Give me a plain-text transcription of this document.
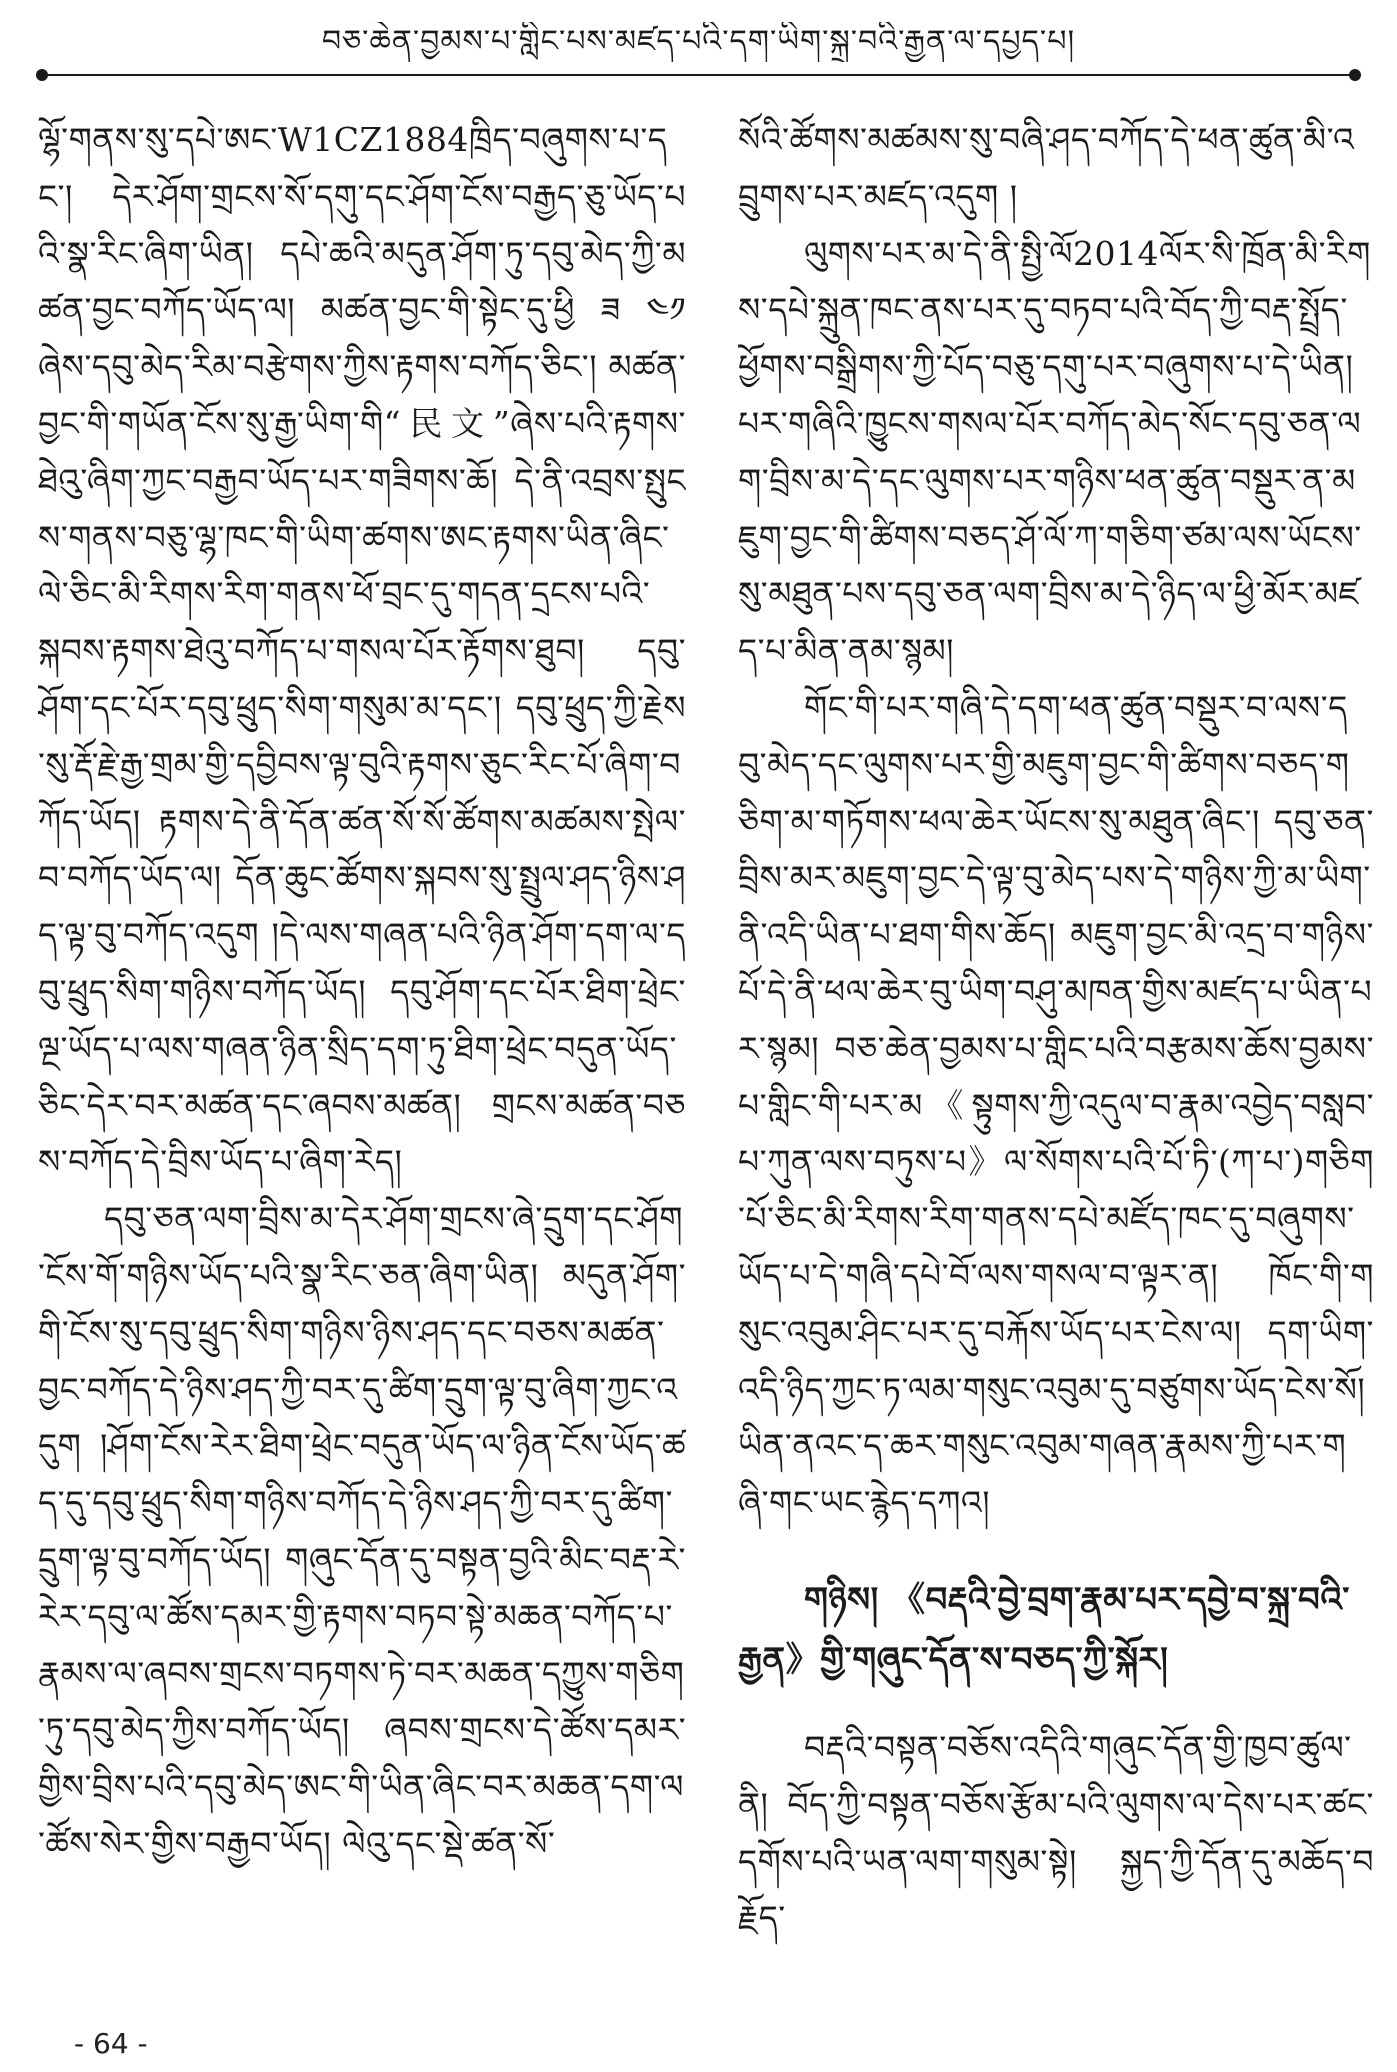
བཅ་ཆེན་བྱམས་པ་གླིང་པས་མཛད་པའི་དག་ཡིག་སྐྲ་བའི་རྒྱན་ལ་དཔྱད་པ།

ལྷོ་གནས་སུ་དཔེ་ཨང་W1CZ1884ཁྲིད་བཞུགས་པ་དང་། དེར་ཤོག་གྲངས་སོ་དགུ་དང་ཤོག་ངོས་བརྒྱད་ཅུ་ཡོད་པའི་སྣ་རིང་ཞིག་ཡིན། དཔེ་ཆའི་མདུན་ཤོག་ཏུ་དབུ་མེད་ཀྱི་མཚན་བྱང་བཀོད་ཡོད་ལ། མཚན་བྱང་གི་སྟེང་དུ་ཕྱི ཟ ༤༡ཞེས་དབུ་མེད་རིམ་བརྩེགས་ཀྱིས་རྟགས་བཀོད་ཅིང་། མཚན་བྱང་གི་གཡོན་ངོས་སུ་རྒྱ་ཡིག་གི“民文”ཞེས་པའི་རྟགས་ཐེའུ་ཞིག་ཀྱང་བརྒྱབ་ཡོད་པར་གཟིགས་ཆོ། དེ་ནི་འབྲས་སྤུངས་གནས་བཅུ་ལྷ་ཁང་གི་ཡིག་ཚགས་ཨང་རྟགས་ཡིན་ཞིང་ལེ་ཅིང་མི་རིགས་རིག་གནས་ཕོ་བྲང་དུ་གདན་དྲངས་པའི་སྐབས་རྟགས་ཐེའུ་བཀོད་པ་གསལ་པོར་རྟོགས་ཐུབ། དབུ་ཤོག་དང་པོར་དབུ་ཕྲུད་སིག་གསུམ་མ་དང་། དབུ་ཕྲུད་ཀྱི་རྗེས་སུ་རྡོ་རྗེ་རྒྱ་གྲམ་གྱི་དབྱིབས་ལྟ་བུའི་རྟགས་ཅུང་རིང་པོ་ཞིག་བཀོད་ཡོད། རྟགས་དེ་ནི་དོན་ཚན་སོ་སོ་ཚོགས་མཚམས་སྤེལ་བ་བཀོད་ཡོད་ལ། དོན་ཆུང་ཚོགས་སྐབས་སུ་སྤྲུལ་ཤད་ཉིས་ཤད་ལྟ་བུ་བཀོད་འདུག །དེ་ལས་གཞན་པའི་ཉིན་ཤོག་དག་ལ་དབུ་ཕྲུད་སིག་གཉིས་བཀོད་ཡོད། དབུ་ཤོག་དང་པོར་ཐིག་ཕྲེང་ལྔ་ཡོད་པ་ལས་གཞན་ཉིན་སྲིད་དག་ཏུ་ཐིག་ཕྲེང་བདུན་ཡོད་ཅིང་དེར་བར་མཚན་དང་ཞབས་མཚན། གྲངས་མཚན་བཅས་བཀོད་དེ་བྲིས་ཡོད་པ་ཞིག་རེད།

དབུ་ཅན་ལག་བྲིས་མ་དེར་ཤོག་གྲངས་ཞེ་དྲུག་དང་ཤོག་ངོས་གོ་གཉིས་ཡོད་པའི་སྣ་རིང་ཅན་ཞིག་ཡིན། མདུན་ཤོག་གི་ངོས་སུ་དབུ་ཕྲུད་སིག་གཉིས་ཉིས་ཤད་དང་བཅས་མཚན་བྱང་བཀོད་དེ་ཉིས་ཤད་ཀྱི་བར་དུ་ཚིག་དྲུག་ལྟ་བུ་ཞིག་ཀྱང་འདུག །ཤོག་ངོས་རེར་ཐིག་ཕྲེང་བདུན་ཡོད་ལ་ཉིན་ངོས་ཡོད་ཚད་དུ་དབུ་ཕྲུད་སིག་གཉིས་བཀོད་དེ་ཉིས་ཤད་ཀྱི་བར་དུ་ཚིག་དྲུག་ལྟ་བུ་བཀོད་ཡོད། གཞུང་དོན་དུ་བསྟན་བྱའི་མིང་བརྡ་རེ་རེར་དབུ་ལ་ཚོས་དམར་གྱི་རྟགས་བཏབ་སྟེ་མཆན་བཀོད་པ་རྣམས་ལ་ཞབས་གྲངས་བཏགས་ཏེ་བར་མཆན་དཀྱུས་གཅིག་ཏུ་དབུ་མེད་ཀྱིས་བཀོད་ཡོད། ཞབས་གྲངས་དེ་ཚོས་དམར་གྱིས་བྲིས་པའི་དབུ་མེད་ཨང་གི་ཡིན་ཞིང་བར་མཆན་དག་ལ་ཚོས་སེར་གྱིས་བརྒྱབ་ཡོད། ལེའུ་དང་སྡེ་ཚན་སོ་

སོའི་ཚོགས་མཚམས་སུ་བཞི་ཤད་བཀོད་དེ་ཕན་ཚུན་མི་འབྲུགས་པར་མཛད་འདུག །

ལུགས་པར་མ་དེ་ནི་སྤྱི་ལོ2014ལོར་སི་ཁྲོན་མི་རིགས་དཔེ་སྐྲུན་ཁང་ནས་པར་དུ་བཏབ་པའི་བོད་ཀྱི་བརྡ་སྤྲོད་ཕྱོགས་བསྒྲིགས་ཀྱི་པོད་བཅུ་དགུ་པར་བཞུགས་པ་དེ་ཡིན། པར་གཞིའི་ཁྱུངས་གསལ་པོར་བཀོད་མེད་སོང་དབུ་ཅན་ལག་བྲིས་མ་དེ་དང་ལུགས་པར་གཉིས་ཕན་ཚུན་བསྡུར་ན་མཇུག་བྱང་གི་ཚིགས་བཅད་ཤོ་ལོ་ཀ་གཅིག་ཙམ་ལས་ཡོངས་སུ་མཐུན་པས་དབུ་ཅན་ལག་བྲིས་མ་དེ་ཉིད་ལ་ཕྱི་མོར་མཛད་པ་མིན་ནམ་སྙམ།

གོང་གི་པར་གཞི་དེ་དག་ཕན་ཚུན་བསྡུར་བ་ལས་དབུ་མེད་དང་ལུགས་པར་གྱི་མཇུག་བྱང་གི་ཚིགས་བཅད་གཅིག་མ་གཏོགས་ཕལ་ཆེར་ཡོངས་སུ་མཐུན་ཞིང་། དབུ་ཅན་བྲིས་མར་མཇུག་བྱང་དེ་ལྟ་བུ་མེད་པས་དེ་གཉིས་ཀྱི་མ་ཡིག་ནི་འདི་ཡིན་པ་ཐག་གིས་ཆོད། མཇུག་བྱང་མི་འདྲ་བ་གཉིས་པོ་དེ་ནི་ཕལ་ཆེར་བུ་ཡིག་བཤུ་མཁན་གྱིས་མཛད་པ་ཡིན་པར་སྙམ། བཅ་ཆེན་བྱམས་པ་གླིང་པའི་བརྩམས་ཆོས་བྱམས་པ་གླིང་གི་པར་མ《སྟུགས་ཀྱི་འདུལ་བ་རྣམ་འབྱེད་བསླབ་པ་ཀུན་ལས་བཏུས་པ》ལ་སོགས་པའི་པོ་ཏི་(ཀ་པ་)གཅིག་པོ་ཅིང་མི་རིགས་རིག་གནས་དཔེ་མཛོད་ཁང་དུ་བཞུགས་ཡོད་པ་དེ་གཞི་དཔེ་བོ་ལས་གསལ་བ་ལྟར་ན། ཁོང་གི་གསུང་འབུམ་ཤིང་པར་དུ་བརྐོས་ཡོད་པར་ངེས་ལ། དག་ཡིག་འདི་ཉིད་ཀྱང་ཏ་ལམ་གསུང་འབུམ་དུ་བཙུགས་ཡོད་ངེས་སོ། ཡིན་ནའང་ད་ཆར་གསུང་འབུམ་གཞན་རྣམས་ཀྱི་པར་གཞི་གང་ཡང་རྙེད་དཀའ།

གཉིས། 《བརྡའི་བྱེ་བྲག་རྣམ་པར་དབྱེ་བ་སྐྲ་བའི་རྒྱན》གྱི་གཞུང་དོན་ས་བཅད་ཀྱི་སྐོར།

བརྡའི་བསྟན་བཅོས་འདིའི་གཞུང་དོན་གྱི་ཁྱབ་ཚུལ་ནི། བོད་ཀྱི་བསྟན་བཅོས་རྩོམ་པའི་ལུགས་ལ་དེས་པར་ཚང་དགོས་པའི་ཡན་ལག་གསུམ་སྟེ། སྐྱད་ཀྱི་དོན་དུ་མཆོད་བརྗོད་

- 64 -
